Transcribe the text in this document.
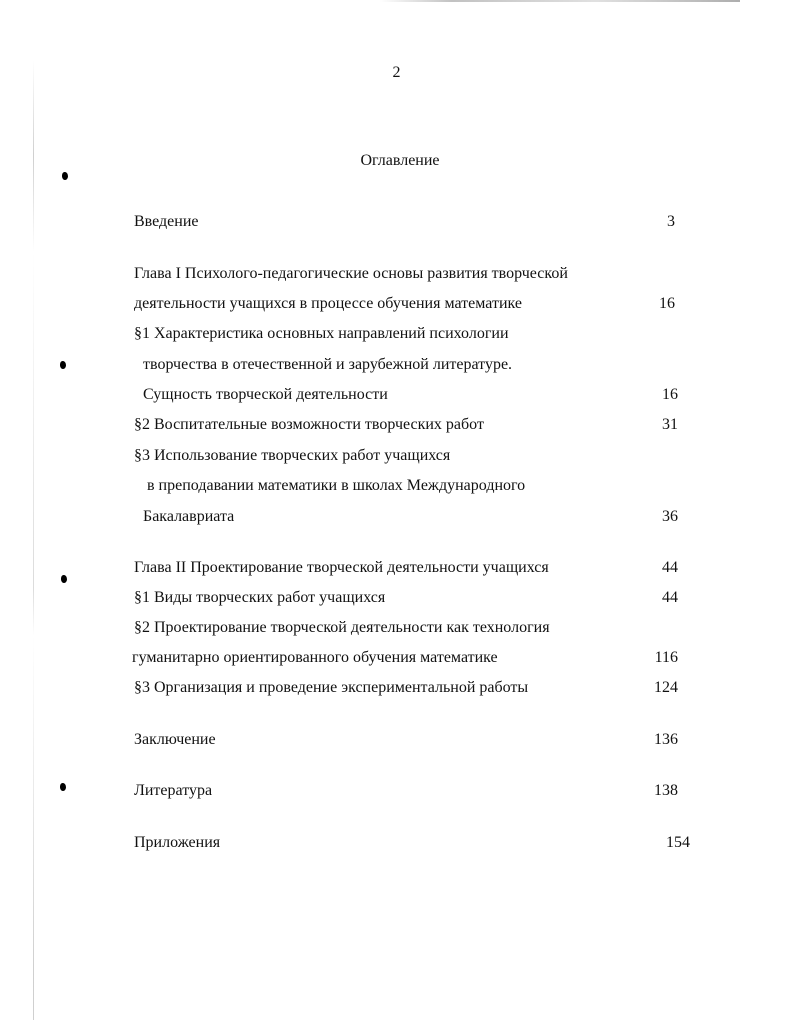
2
Оглавление
Введение	3
Глава I Психолого-педагогические основы развития творческой
деятельности учащихся в процессе обучения математике	16
§1 Характеристика основных направлений психологии
творчества в отечественной и зарубежной литературе.
Сущность творческой деятельности	16
§2 Воспитательные возможности творческих работ	31
§3 Использование творческих работ учащихся
в преподавании математики в школах Международного
Бакалавриата	36
Глава II Проектирование творческой деятельности учащихся	44
§1 Виды творческих работ учащихся	44
§2 Проектирование творческой деятельности как технология
гуманитарно ориентированного обучения математике	116
§3 Организация и проведение экспериментальной работы	124
Заключение	136
Литература	138
Приложения	154
